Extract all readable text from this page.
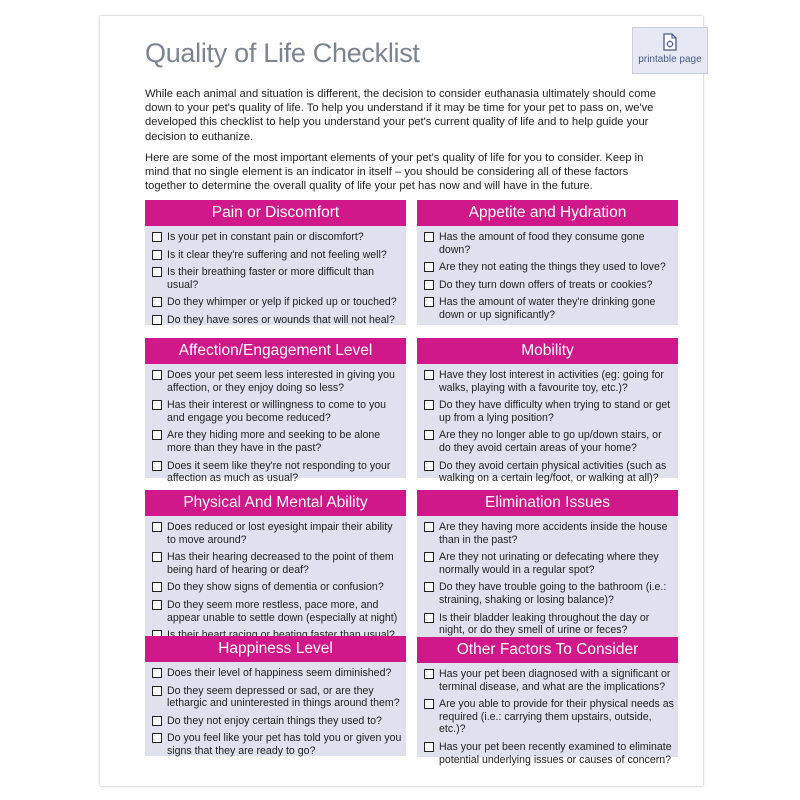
Quality of Life Checklist	printable page

While each animal and situation is different, the decision to consider euthanasia ultimately should come down to your pet's quality of life. To help you understand if it may be time for your pet to pass on, we've developed this checklist to help you understand your pet's current quality of life and to help guide your decision to euthanize.

Here are some of the most important elements of your pet's quality of life for you to consider. Keep in mind that no single element is an indicator in itself – you should be considering all of these factors together to determine the overall quality of life your pet has now and will have in the future.

Pain or Discomfort
Is your pet in constant pain or discomfort?
Is it clear they're suffering and not feeling well?
Is their breathing faster or more difficult than usual?
Do they whimper or yelp if picked up or touched?
Do they have sores or wounds that will not heal?
Appetite and Hydration
Has the amount of food they consume gone down?
Are they not eating the things they used to love?
Do they turn down offers of treats or cookies?
Has the amount of water they're drinking gone down or up significantly?
Affection/Engagement Level
Does your pet seem less interested in giving you affection, or they enjoy doing so less?
Has their interest or willingness to come to you and engage you become reduced?
Are they hiding more and seeking to be alone more than they have in the past?
Does it seem like they're not responding to your affection as much as usual?
Mobility
Have they lost interest in activities (eg: going for walks, playing with a favourite toy, etc.)?
Do they have difficulty when trying to stand or get up from a lying position?
Are they no longer able to go up/down stairs, or do they avoid certain areas of your home?
Do they avoid certain physical activities (such as walking on a certain leg/foot, or walking at all)?
Physical And Mental Ability
Does reduced or lost eyesight impair their ability to move around?
Has their hearing decreased to the point of them being hard of hearing or deaf?
Do they show signs of dementia or confusion?
Do they seem more restless, pace more, and appear unable to settle down (especially at night)
Elimination Issues
Are they having more accidents inside the house than in the past?
Are they not urinating or defecating where they normally would in a regular spot?
Do they have trouble going to the bathroom (i.e.: straining, shaking or losing balance)?
Is their bladder leaking throughout the day or night, or do they smell of urine or feces?
Happiness Level
Does their level of happiness seem diminished?
Do they seem depressed or sad, or are they lethargic and uninterested in things around them?
Do they not enjoy certain things they used to?
Do you feel like your pet has told you or given you signs that they are ready to go?
Other Factors To Consider
Has your pet been diagnosed with a significant or terminal disease, and what are the implications?
Are you able to provide for their physical needs as required (i.e.: carrying them upstairs, outside, etc.)?
Has your pet been recently examined to eliminate potential underlying issues or causes of concern?
